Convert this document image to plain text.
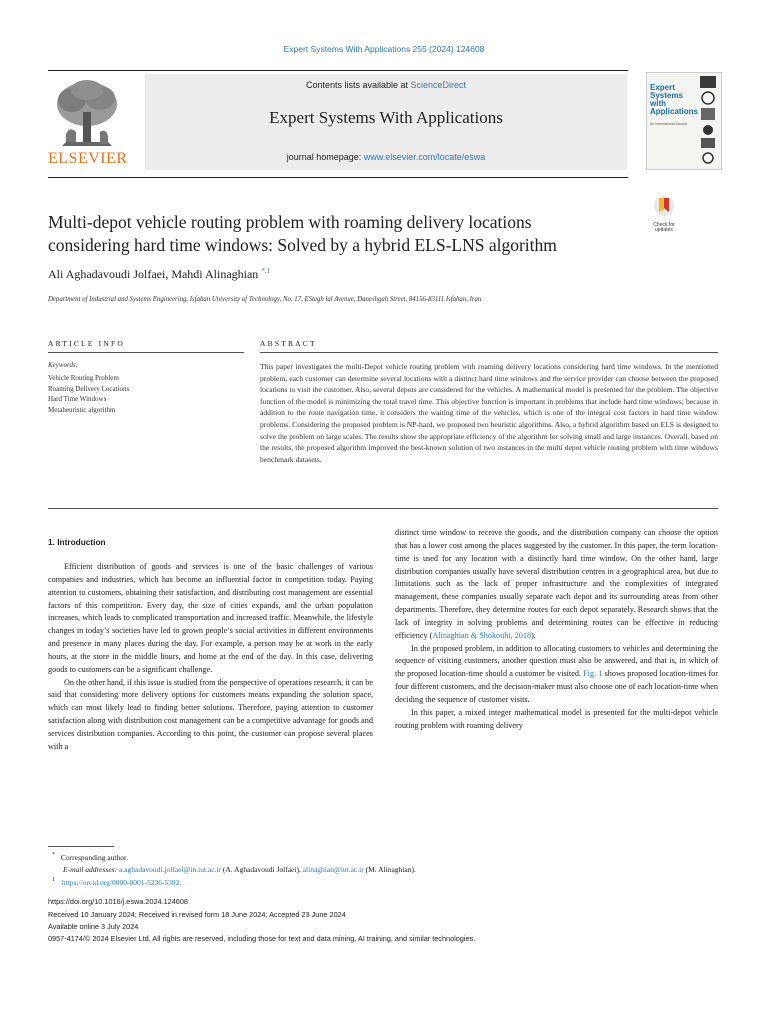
Expert Systems With Applications 255 (2024) 124608
ELSEVIER
Contents lists available at ScienceDirect
Expert Systems With Applications
journal homepage: www.elsevier.com/locate/eswa
Expert Systems with Applications
An International Journal
Check for updates
Multi-depot vehicle routing problem with roaming delivery locations
considering hard time windows: Solved by a hybrid ELS-LNS algorithm
Ali Aghadavoudi Jolfaei, Mahdi Alinaghian $^{*,1}$
Department of Industrial and Systems Engineering, Isfahan University of Technology, No. 17, EStegh lal Avenue, Daneshgah Street, 84156-83111 Isfahan, Iran
ARTICLE INFO
Keywords:
Vehicle Routing Problem
Roaming Delivery Locations
Hard Time Windows
Metaheuristic algorithm
ABSTRACT
This paper investigates the multi-Depot vehicle routing problem with roaming delivery locations considering hard time windows. In the mentioned problem, each customer can determine several locations with a distinct hard time windows and the service provider can choose between the proposed locations to visit the customer. Also, several depots are considered for the vehicles. A mathematical model is presented for the problem. The objective function of the model is minimizing the total travel time. This objective function is important in problems that include hard time windows; because in addition to the route navigation time, it considers the waiting time of the vehicles, which is one of the integral cost factors in hard time window problems. Considering the proposed problem is NP-hard, we proposed two heuristic algorithms. Also, a hybrid algorithm based on ELS is designed to solve the problem on large scales. The results show the appropriate efficiency of the algorithm for solving small and large instances. Overall, based on the results, the proposed algorithm improved the best-known solution of two instances in the multi depot vehicle routing problem with time windows benchmark datasets.
1. Introduction

Efficient distribution of goods and services is one of the basic challenges of various companies and industries, which has become an influential factor in competition today. Paying attention to customers, obtaining their satisfaction, and distributing cost management are essential factors of this competition. Every day, the size of cities expands, and the urban population increases, which leads to complicated transportation and increased traffic. Meanwhile, the lifestyle changes in today’s societies have led to grown people’s social activities in different environments and presence in many places during the day. For example, a person may be at work in the early hours, at the store in the middle hours, and home at the end of the day. In this case, delivering goods to customers can be a significant challenge.

On the other hand, if this issue is studied from the perspective of operations research, it can be said that considering more delivery options for customers means expanding the solution space, which can most likely lead to finding better solutions. Therefore, paying attention to customer satisfaction along with distribution cost management can be a competitive advantage for goods and services distribution companies. According to this point, the customer can propose several places with a

distinct time window to receive the goods, and the distribution company can choose the option that has a lower cost among the places suggested by the customer. In this paper, the term location-time is used for any location with a distinctly hard time window. On the other hand, large distribution companies usually have several distribution centres in a geographical area, but due to limitations such as the lack of proper infrastructure and the complexities of integrated management, these companies usually separate each depot and its surrounding areas from other departments. Therefore, they determine routes for each depot separately. Research shows that the lack of integrity in solving problems and determining routes can be effective in reducing efficiency (Alinaghian & Shokouhi, 2018).

In the proposed problem, in addition to allocating customers to vehicles and determining the sequence of visiting customers, another question must also be answered, and that is, in which of the proposed location-time should a customer be visited. Fig. 1 shows proposed location-times for four different customers, and the decision-maker must also choose one of each location-time when deciding the sequence of customer visits.

In this paper, a mixed integer mathematical model is presented for the multi-depot vehicle routing problem with roaming delivery

* Corresponding author.
E-mail addresses: a.aghadavoudi.jolfaei@in.iut.ac.ir (A. Aghadavoudi Jolfaei), alinaghian@iut.ac.ir (M. Alinaghian).
$^1$ https://orcid.org/0000-0001-5236-5392.
https://doi.org/10.1016/j.eswa.2024.124608
Received 10 January 2024; Received in revised form 18 June 2024; Accepted 23 June 2024
Available online 3 July 2024
0957-4174/© 2024 Elsevier Ltd. All rights are reserved, including those for text and data mining, AI training, and similar technologies.
